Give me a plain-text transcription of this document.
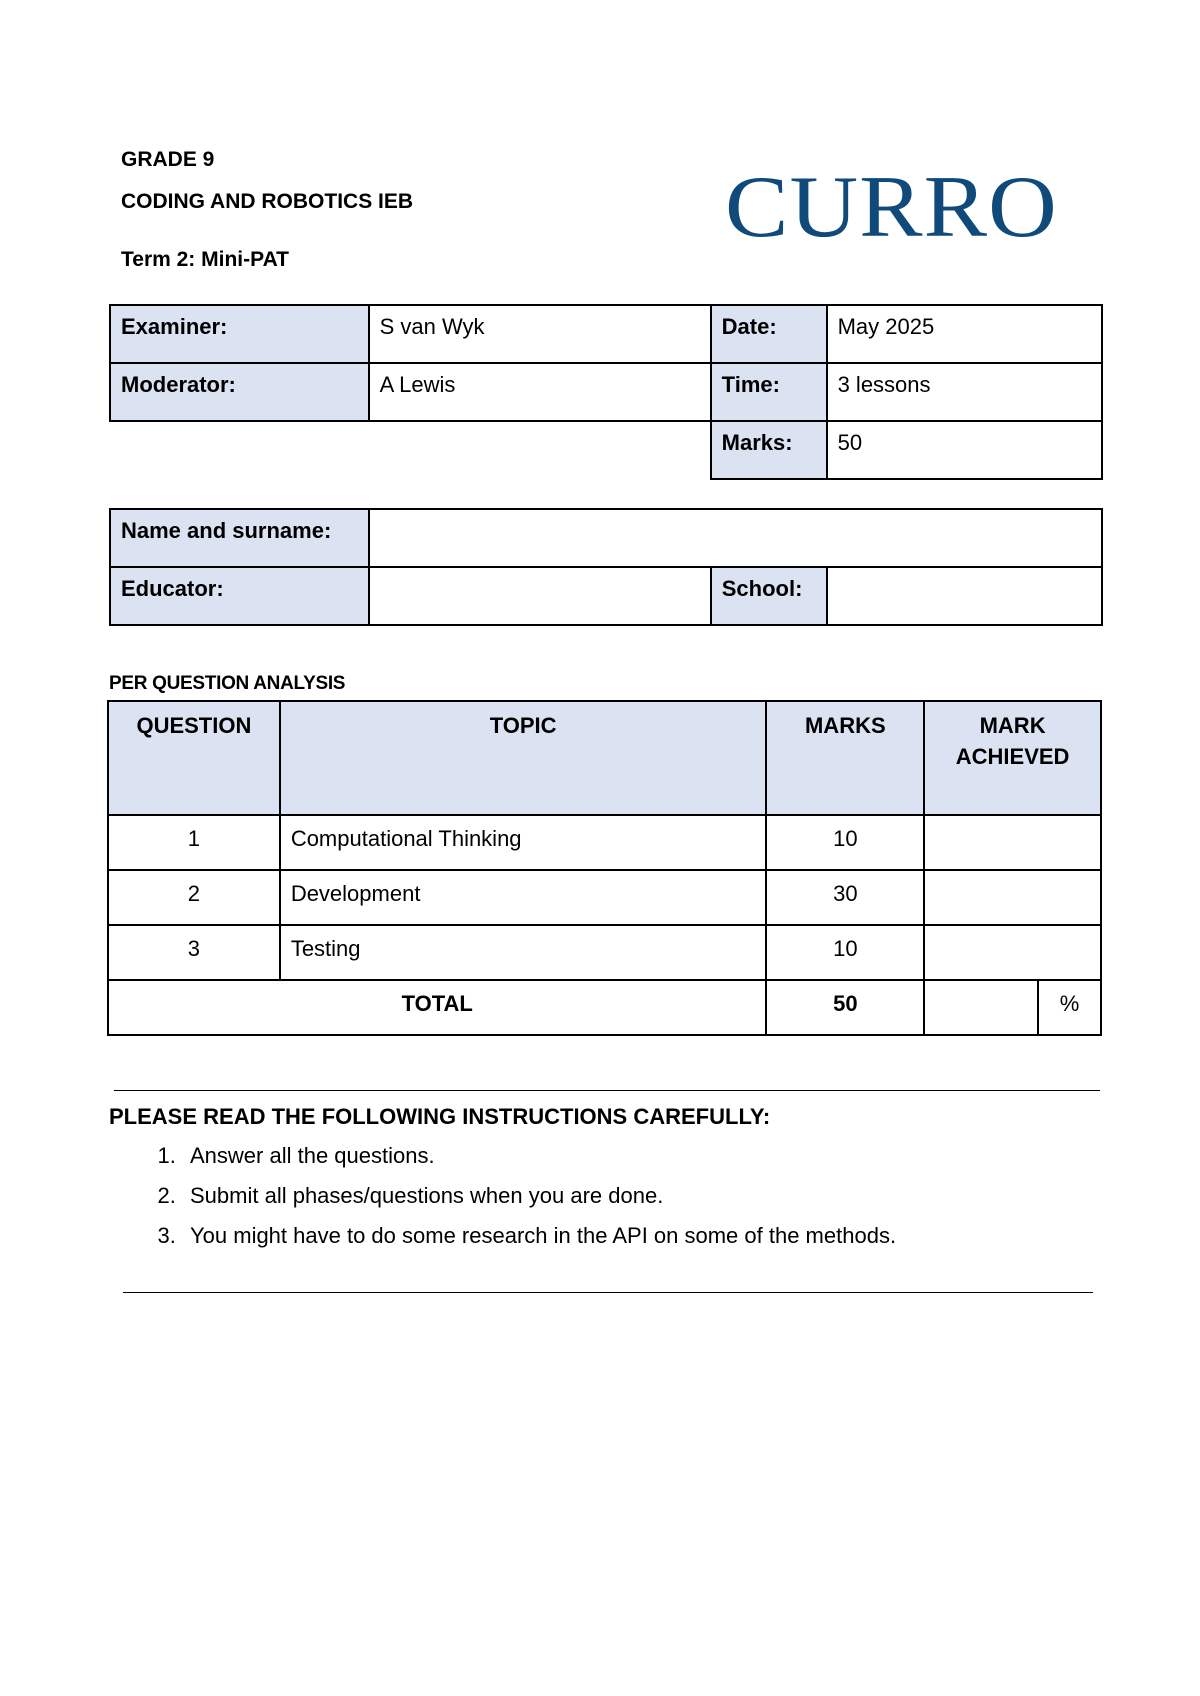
GRADE 9
CODING AND ROBOTICS IEB
Term 2: Mini-PAT
CURRO
Examiner:	S van Wyk	Date:	May 2025
Moderator:	A Lewis	Time:	3 lessons
		Marks:	50
Name and surname:			
Educator:		School:	
PER QUESTION ANALYSIS
QUESTION	TOPIC	MARKS	MARK ACHIEVED	
1	Computational Thinking	10		
2	Development	30		
3	Testing	10		
TOTAL		50		%
PLEASE READ THE FOLLOWING INSTRUCTIONS CAREFULLY:
1. Answer all the questions.
2. Submit all phases/questions when you are done.
3. You might have to do some research in the API on some of the methods.
